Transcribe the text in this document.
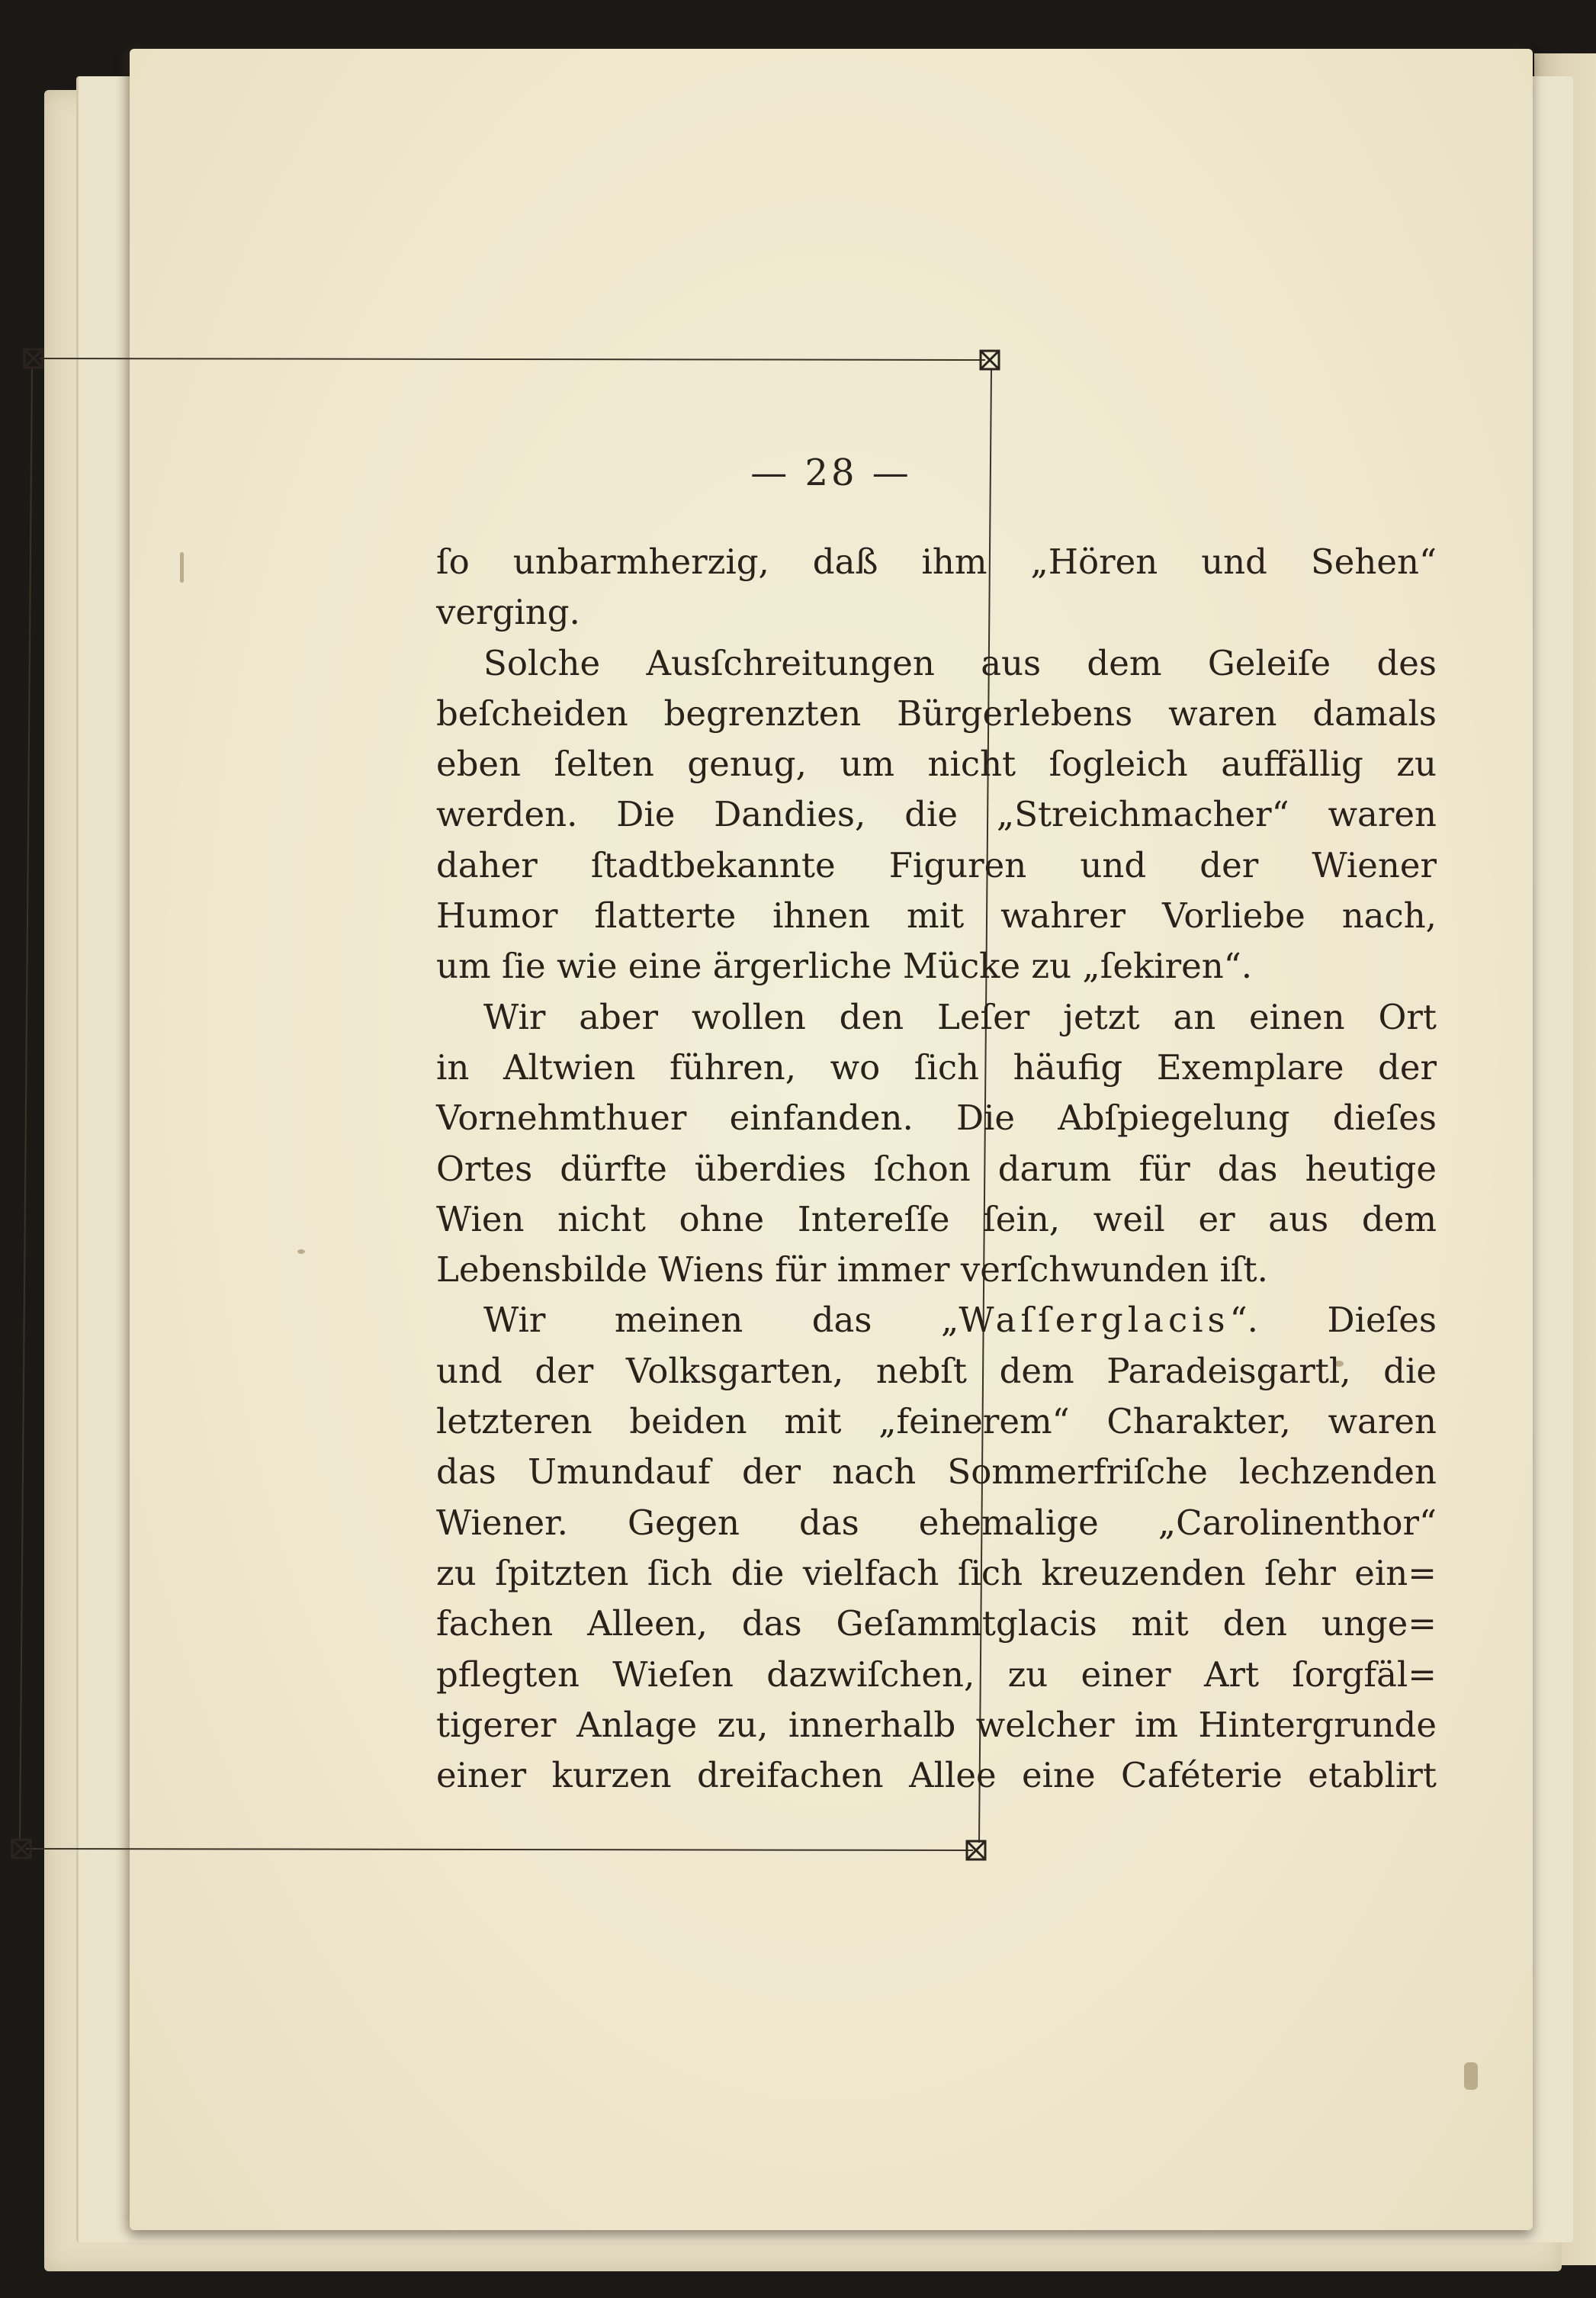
— 28 —
ſo unbarmherzig, daß ihm „Hören und Sehen“
verging.
Solche Ausſchreitungen aus dem Geleiſe des
beſcheiden begrenzten Bürgerlebens waren damals
eben ſelten genug, um nicht ſogleich auffällig zu
werden. Die Dandies, die „Streichmacher“ waren
daher ſtadtbekannte Figuren und der Wiener
Humor flatterte ihnen mit wahrer Vorliebe nach,
um ſie wie eine ärgerliche Mücke zu „ſekiren“.
Wir aber wollen den Leſer jetzt an einen Ort
in Altwien führen, wo ſich häufig Exemplare der
Vornehmthuer einfanden. Die Abſpiegelung dieſes
Ortes dürfte überdies ſchon darum für das heutige
Wien nicht ohne Intereſſe ſein, weil er aus dem
Lebensbilde Wiens für immer verſchwunden iſt.
Wir meinen das „Waſſerglacis“. Dieſes
und der Volksgarten, nebſt dem Paradeisgartl, die
letzteren beiden mit „feinerem“ Charakter, waren
das Umundauf der nach Sommerfriſche lechzenden
Wiener. Gegen das ehemalige „Carolinenthor“
zu ſpitzten ſich die vielfach ſich kreuzenden ſehr ein=
fachen Alleen, das Geſammtglacis mit den unge=
pflegten Wieſen dazwiſchen, zu einer Art ſorgfäl=
tigerer Anlage zu, innerhalb welcher im Hintergrunde
einer kurzen dreifachen Allee eine Caféterie etablirt
